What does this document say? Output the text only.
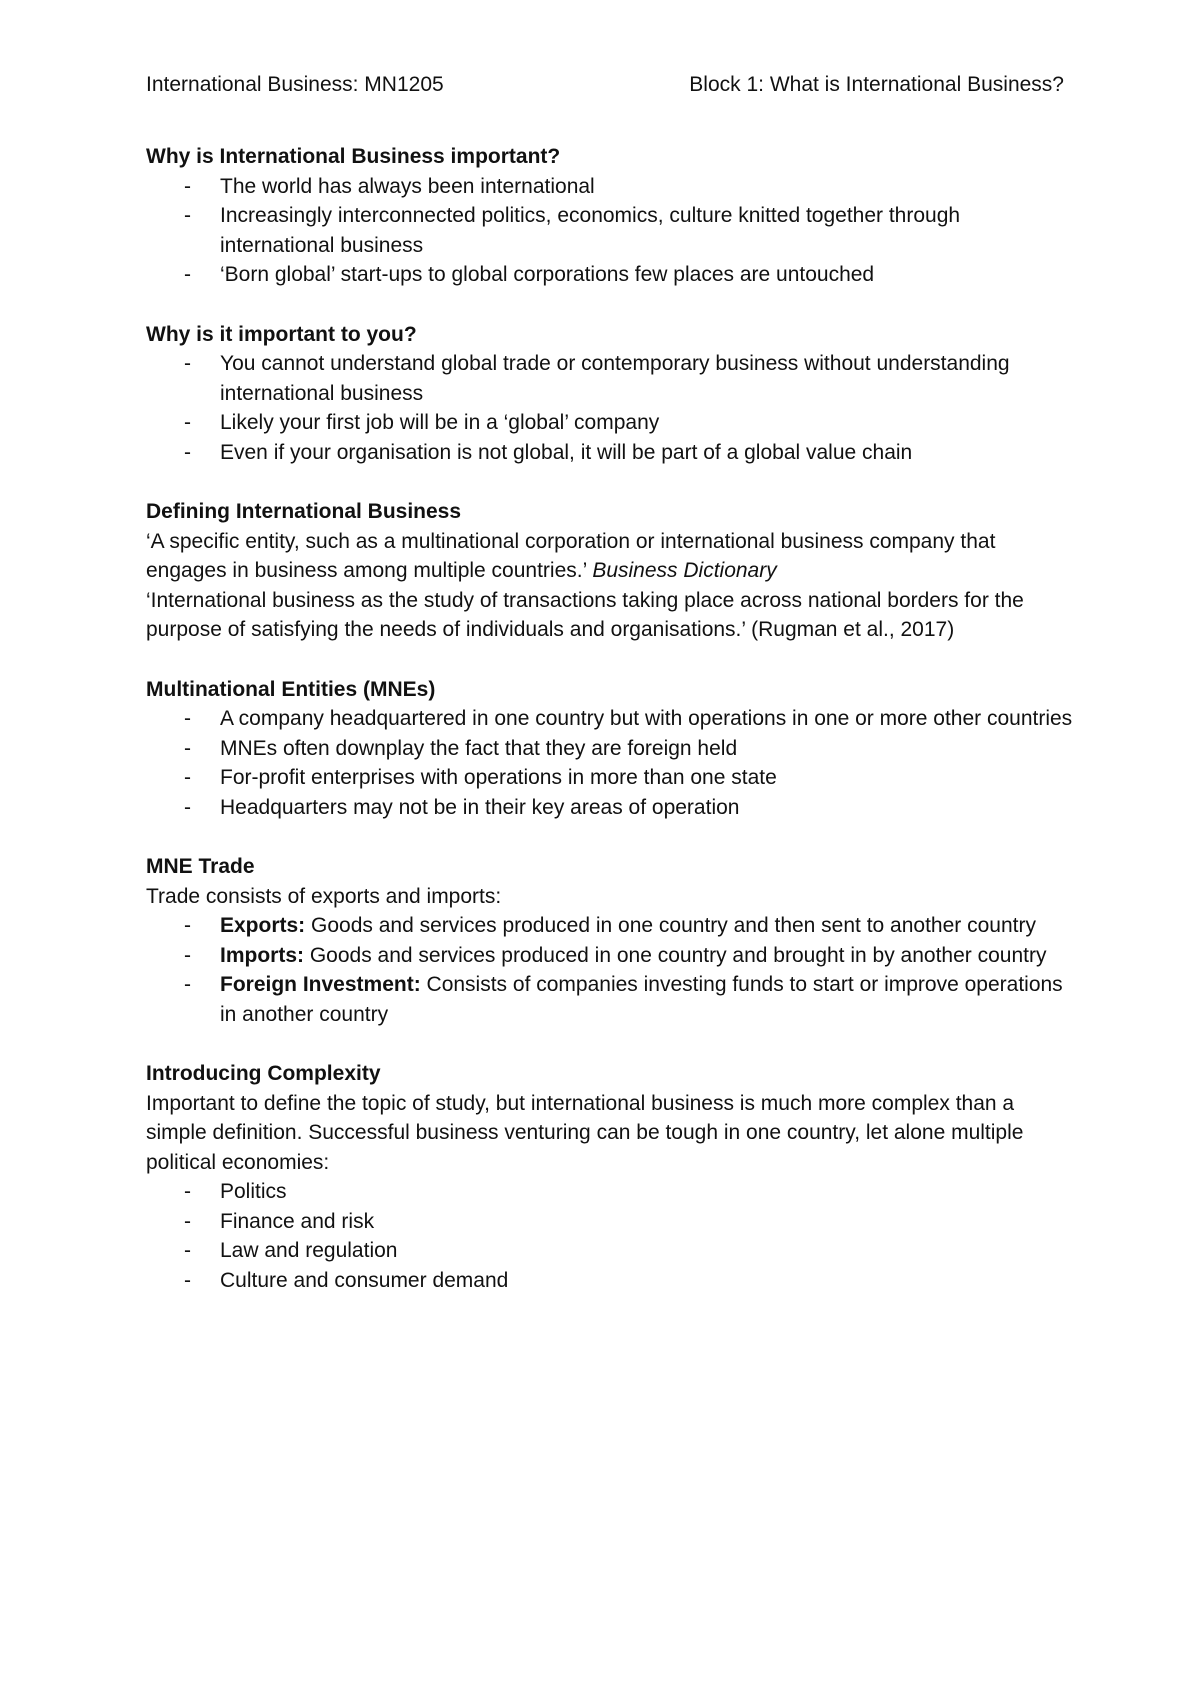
International Business: MN1205	Block 1: What is International Business?

Why is International Business important?

- The world has always been international
- Increasingly interconnected politics, economics, culture knitted together through international business
- ‘Born global’ start-ups to global corporations few places are untouched

Why is it important to you?

- You cannot understand global trade or contemporary business without understanding international business
- Likely your first job will be in a ‘global’ company
- Even if your organisation is not global, it will be part of a global value chain

Defining International Business

‘A specific entity, such as a multinational corporation or international business company that engages in business among multiple countries.’ Business Dictionary

‘International business as the study of transactions taking place across national borders for the purpose of satisfying the needs of individuals and organisations.’ (Rugman et al., 2017)

Multinational Entities (MNEs)

- A company headquartered in one country but with operations in one or more other countries
- MNEs often downplay the fact that they are foreign held
- For-profit enterprises with operations in more than one state
- Headquarters may not be in their key areas of operation

MNE Trade

Trade consists of exports and imports:

- Exports: Goods and services produced in one country and then sent to another country
- Imports: Goods and services produced in one country and brought in by another country
- Foreign Investment: Consists of companies investing funds to start or improve operations in another country

Introducing Complexity

Important to define the topic of study, but international business is much more complex than a simple definition. Successful business venturing can be tough in one country, let alone multiple political economies:

- Politics
- Finance and risk
- Law and regulation
- Culture and consumer demand
